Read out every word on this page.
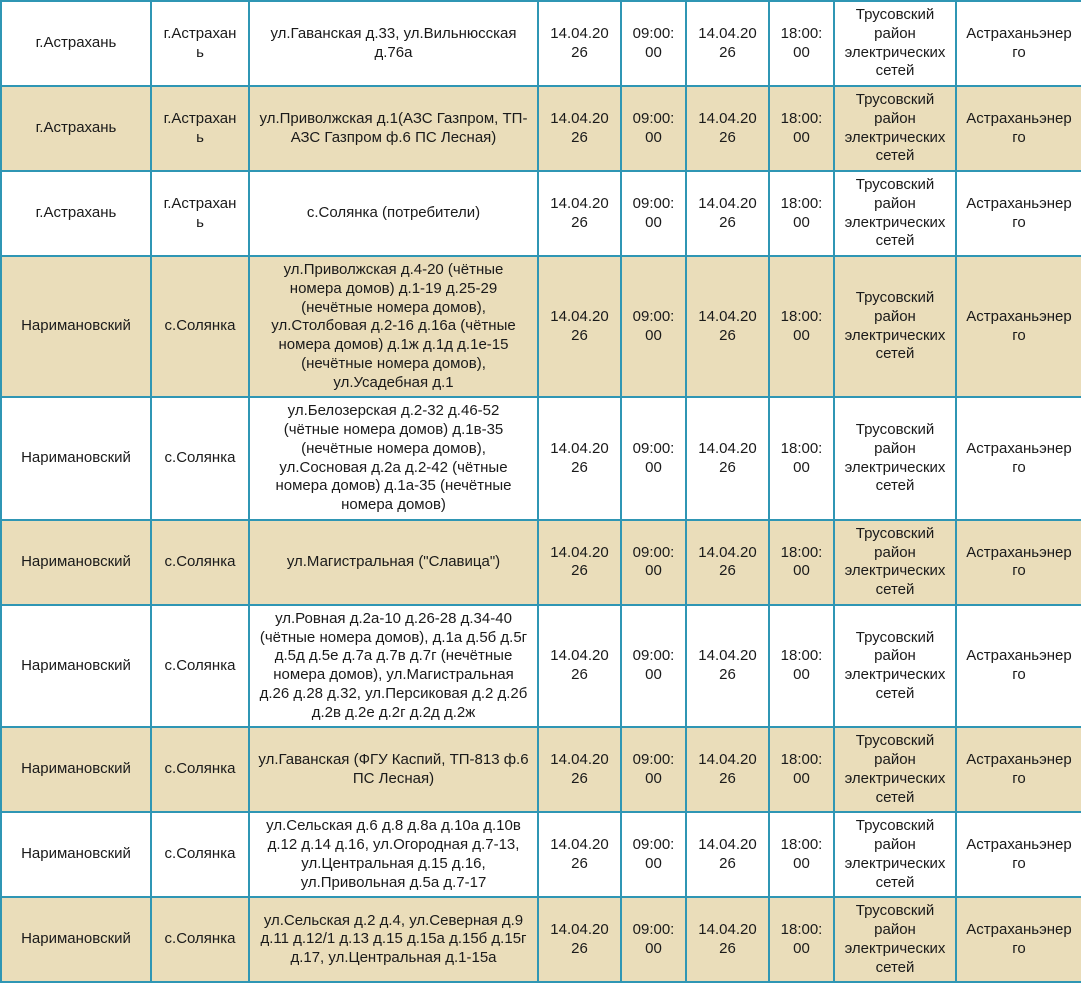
г.Астрахань	г.Астрахань	ул.Гаванская д.33, ул.Вильнюсская д.76а	14.04.2026	09:00:00	14.04.2026	18:00:00	Трусовский район электрических сетей	Астраханьэнерго
г.Астрахань	г.Астрахань	ул.Приволжская д.1(АЗС Газпром, ТП-АЗС Газпром ф.6 ПС Лесная)	14.04.2026	09:00:00	14.04.2026	18:00:00	Трусовский район электрических сетей	Астраханьэнерго
г.Астрахань	г.Астрахань	с.Солянка (потребители)	14.04.2026	09:00:00	14.04.2026	18:00:00	Трусовский район электрических сетей	Астраханьэнерго
Наримановский	с.Солянка	ул.Приволжская д.4-20 (чётные номера домов) д.1-19 д.25-29 (нечётные номера домов), ул.Столбовая д.2-16 д.16а (чётные номера домов) д.1ж д.1д д.1е-15 (нечётные номера домов), ул.Усадебная д.1	14.04.2026	09:00:00	14.04.2026	18:00:00	Трусовский район электрических сетей	Астраханьэнерго
Наримановский	с.Солянка	ул.Белозерская д.2-32 д.46-52 (чётные номера домов) д.1в-35 (нечётные номера домов), ул.Сосновая д.2а д.2-42 (чётные номера домов) д.1а-35 (нечётные номера домов)	14.04.2026	09:00:00	14.04.2026	18:00:00	Трусовский район электрических сетей	Астраханьэнерго
Наримановский	с.Солянка	ул.Магистральная ("Славица")	14.04.2026	09:00:00	14.04.2026	18:00:00	Трусовский район электрических сетей	Астраханьэнерго
Наримановский	с.Солянка	ул.Ровная д.2а-10 д.26-28 д.34-40 (чётные номера домов), д.1а д.5б д.5г д.5д д.5е д.7а д.7в д.7г (нечётные номера домов), ул.Магистральная д.26 д.28 д.32, ул.Персиковая д.2 д.2б д.2в д.2е д.2г д.2д д.2ж	14.04.2026	09:00:00	14.04.2026	18:00:00	Трусовский район электрических сетей	Астраханьэнерго
Наримановский	с.Солянка	ул.Гаванская (ФГУ Каспий, ТП-813 ф.6 ПС Лесная)	14.04.2026	09:00:00	14.04.2026	18:00:00	Трусовский район электрических сетей	Астраханьэнерго
Наримановский	с.Солянка	ул.Сельская д.6 д.8 д.8а д.10а д.10в д.12 д.14 д.16, ул.Огородная д.7-13, ул.Центральная д.15 д.16, ул.Привольная д.5а д.7-17	14.04.2026	09:00:00	14.04.2026	18:00:00	Трусовский район электрических сетей	Астраханьэнерго
Наримановский	с.Солянка	ул.Сельская д.2 д.4, ул.Северная д.9 д.11 д.12/1 д.13 д.15 д.15а д.15б д.15г д.17, ул.Центральная д.1-15а	14.04.2026	09:00:00	14.04.2026	18:00:00	Трусовский район электрических сетей	Астраханьэнерго
